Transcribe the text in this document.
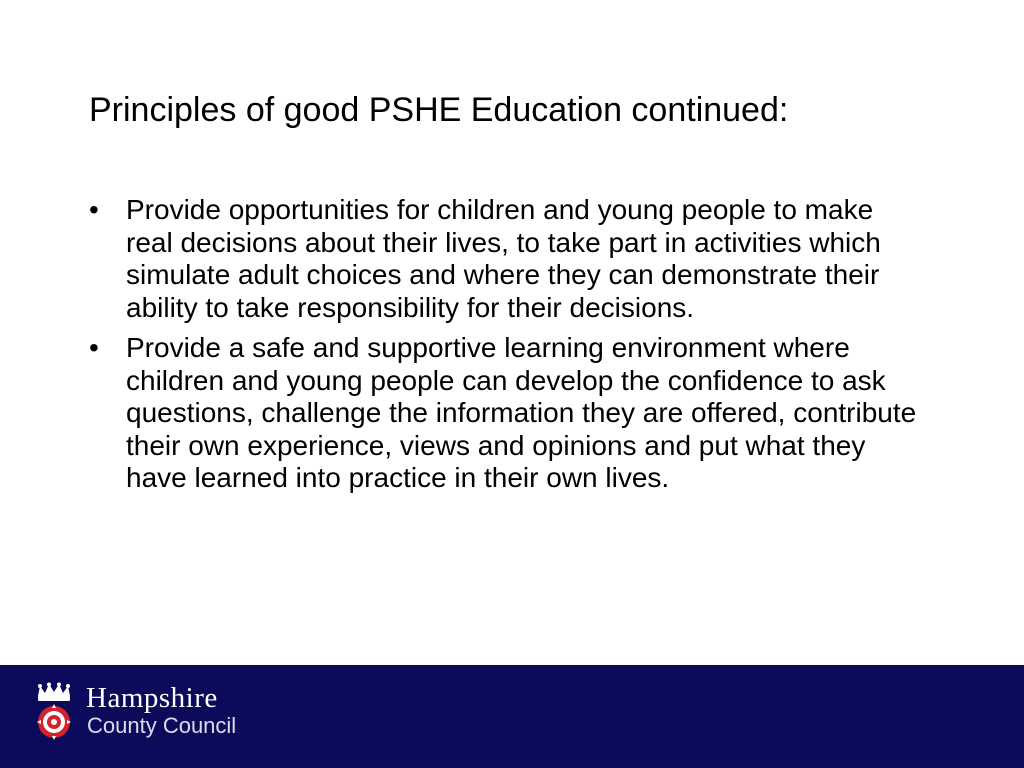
Principles of good PSHE Education continued:
• Provide opportunities for children and young people to make real decisions about their lives, to take part in activities which simulate adult choices and where they can demonstrate their ability to take responsibility for their decisions.
• Provide a safe and supportive learning environment where children and young people can develop the confidence to ask questions, challenge the information they are offered, contribute their own experience, views and opinions and put what they have learned into practice in their own lives.
Hampshire
County Council
